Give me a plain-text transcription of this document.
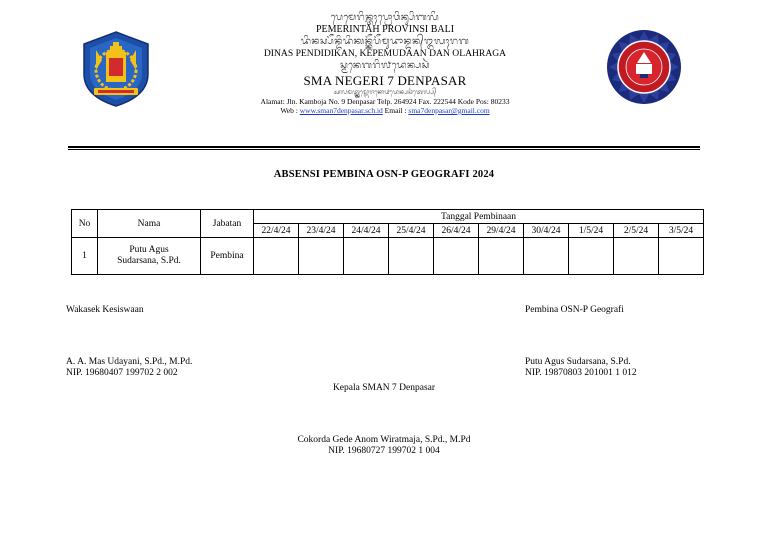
ᬧᬾᬫᬾᬭᬶᬦ᭄ᬢᬄᬧ᭄ᬭᭀᬯᬶᬦ᭄ᬲᬶᬩᬮᬶ
PEMERINTAH PROVINSI BALI
ᬤᬶᬦᬲ᭄ᬧᭂᬦ᭄ᬤᬶᬤᬶᬓᬦ᭄ᬓᭂᬧᭂᬫᬸᬤᬵᬦ᭄ᬤᬦ᭄ᬑᬮᬄᬭᬕ
DINAS PENDIDIKAN, KEPEMUDAAN DAN OLAHRAGA
ᬲ᭄ᬫᬦᬾᬕᬭᬶ᭗ᬤᬾᬦ᭄ᬧᬲᬃ
SMA NEGERI 7 DENPASAR
ᬅᬮᬫᬢ᭄ᬚ᭄ᬮ᭄ᬓᬫ᭄ᬩᭀᬚᬦᭀ᭙ᬤᬾᬦ᭄ᬧᬲᬃᬢᬾᬮ᭄ᬧ᭄
Alamat: Jln. Kamboja No. 9 Denpasar Telp. 264924 Fax. 222544 Kode Pos: 80233
Web : www.sman7denpasar.sch.id Email : sma7denpasar@gmail.com
ABSENSI PEMBINA OSN-P GEOGRAFI 2024
No	Nama	Jabatan	Tanggal Pembinaan									
			22/4/24	23/4/24	24/4/24	25/4/24	26/4/24	29/4/24	30/4/24	1/5/24	2/5/24	3/5/24
1	Putu Agus
Sudarsana, S.Pd.	Pembina										
Wakasek Kesiswaan	Pembina OSN-P Geografi
A. A. Mas Udayani, S.Pd., M.Pd.
NIP. 19680407 199702 2 002
Putu Agus Sudarsana, S.Pd.
NIP. 19870803 201001 1 012
Kepala SMAN 7 Denpasar
Cokorda Gede Anom Wiratmaja, S.Pd., M.Pd
NIP. 19680727 199702 1 004
